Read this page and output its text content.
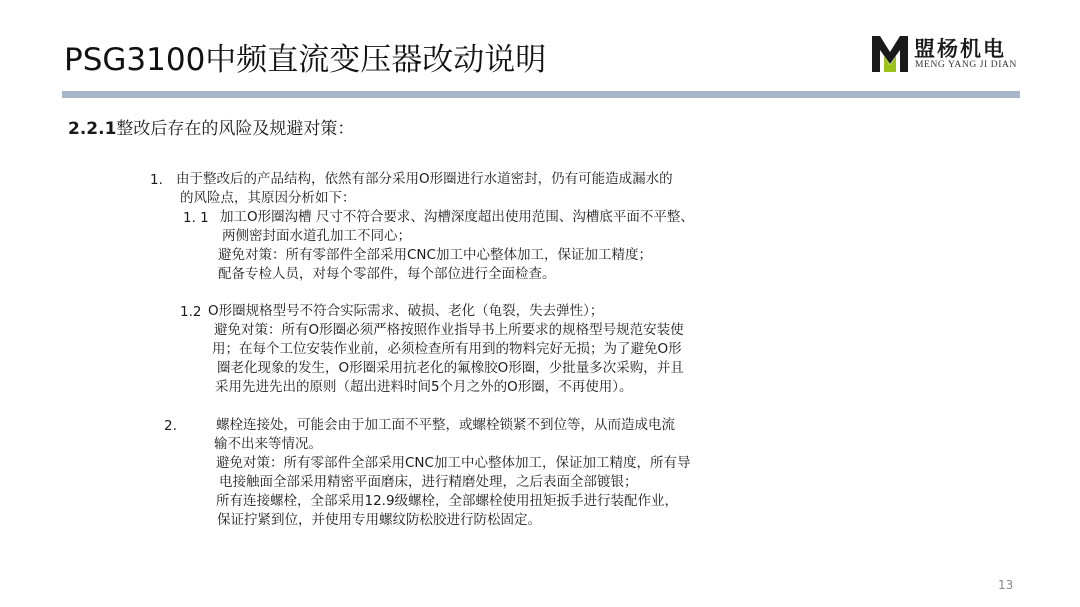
PSG3100中频直流变压器改动说明	盟杨机电
MENG YANG JI DIAN
2.2.1整改后存在的风险及规避对策：
1. 由于整改后的产品结构，依然有部分采用O形圈进行水道密封，仍有可能造成漏水的
的风险点，其原因分析如下：
1. 1 加工O形圈沟槽 尺寸不符合要求、沟槽深度超出使用范围、沟槽底平面不平整、
两侧密封面水道孔加工不同心；
避免对策：所有零部件全部采用CNC加工中心整体加工，保证加工精度；
配备专检人员，对每个零部件，每个部位进行全面检查。
1.2 O形圈规格型号不符合实际需求、破损、老化（龟裂，失去弹性）；
避免对策：所有O形圈必须严格按照作业指导书上所要求的规格型号规范安装使
用；在每个工位安装作业前，必须检查所有用到的物料完好无损；为了避免O形
圈老化现象的发生，O形圈采用抗老化的氟橡胶O形圈，少批量多次采购，并且
采用先进先出的原则（超出进料时间5个月之外的O形圈，不再使用）。
2.	螺栓连接处，可能会由于加工面不平整，或螺栓锁紧不到位等，从而造成电流
输不出来等情况。
避免对策：所有零部件全部采用CNC加工中心整体加工，保证加工精度，所有导
电接触面全部采用精密平面磨床，进行精磨处理，之后表面全部镀银；
所有连接螺栓，全部采用12.9级螺栓，全部螺栓使用扭矩扳手进行装配作业，
保证拧紧到位，并使用专用螺纹防松胶进行防松固定。
13
